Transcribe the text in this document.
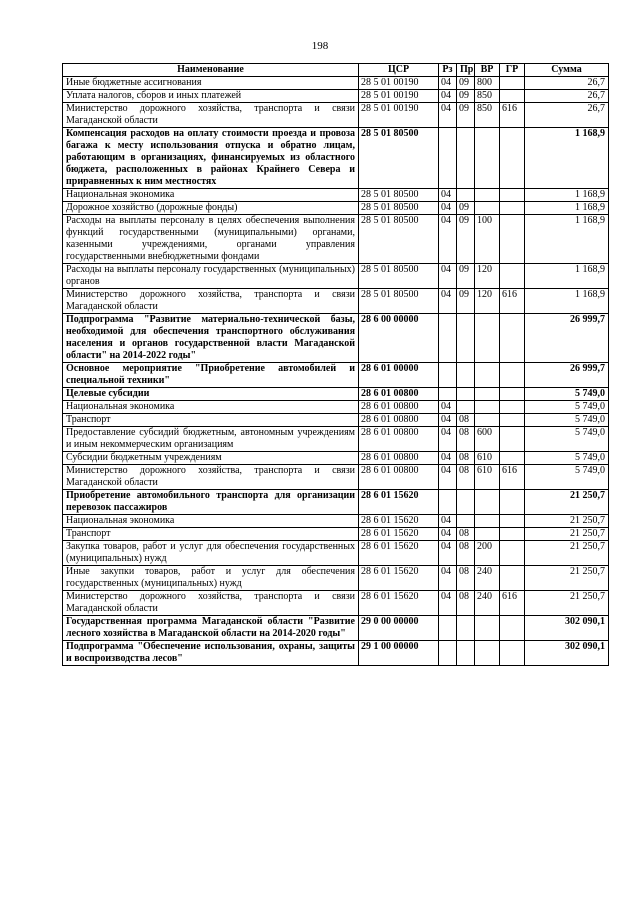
198
Наименование	ЦСР	Рз	Пр	ВР	ГР	Сумма
Иные бюджетные ассигнования	28 5 01 00190	04	09	800		26,7
Уплата налогов, сборов и иных платежей	28 5 01 00190	04	09	850		26,7
Министерство дорожного хозяйства, транспорта и связи Магаданской области	28 5 01 00190	04	09	850	616	26,7
Компенсация расходов на оплату стоимости проезда и провоза багажа к месту использования отпуска и обратно лицам, работающим в организациях, финансируемых из областного бюджета, расположенных в районах Крайнего Севера и приравненных к ним местностях	28 5 01 80500					1 168,9
Национальная экономика	28 5 01 80500	04				1 168,9
Дорожное хозяйство (дорожные фонды)	28 5 01 80500	04	09			1 168,9
Расходы на выплаты персоналу в целях обеспечения выполнения функций государственными (муниципальными) органами, казенными учреждениями, органами управления государственными внебюджетными фондами	28 5 01 80500	04	09	100		1 168,9
Расходы на выплаты персоналу государственных (муниципальных) органов	28 5 01 80500	04	09	120		1 168,9
Министерство дорожного хозяйства, транспорта и связи Магаданской области	28 5 01 80500	04	09	120	616	1 168,9
Подпрограмма "Развитие материально-технической базы, необходимой для обеспечения транспортного обслуживания населения и органов государственной власти Магаданской области" на 2014-2022 годы"	28 6 00 00000					26 999,7
Основное мероприятие "Приобретение автомобилей и специальной техники"	28 6 01 00000					26 999,7
Целевые субсидии	28 6 01 00800					5 749,0
Национальная экономика	28 6 01 00800	04				5 749,0
Транспорт	28 6 01 00800	04	08			5 749,0
Предоставление субсидий бюджетным, автономным учреждениям и иным некоммерческим организациям	28 6 01 00800	04	08	600		5 749,0
Субсидии бюджетным учреждениям	28 6 01 00800	04	08	610		5 749,0
Министерство дорожного хозяйства, транспорта и связи Магаданской области	28 6 01 00800	04	08	610	616	5 749,0
Приобретение автомобильного транспорта для организации перевозок пассажиров	28 6 01 15620					21 250,7
Национальная экономика	28 6 01 15620	04				21 250,7
Транспорт	28 6 01 15620	04	08			21 250,7
Закупка товаров, работ и услуг для обеспечения государственных (муниципальных) нужд	28 6 01 15620	04	08	200		21 250,7
Иные закупки товаров, работ и услуг для обеспечения государственных (муниципальных) нужд	28 6 01 15620	04	08	240		21 250,7
Министерство дорожного хозяйства, транспорта и связи Магаданской области	28 6 01 15620	04	08	240	616	21 250,7
Государственная программа Магаданской области "Развитие лесного хозяйства в Магаданской области на 2014-2020 годы"	29 0 00 00000					302 090,1
Подпрограмма "Обеспечение использования, охраны, защиты и воспроизводства лесов"	29 1 00 00000					302 090,1
